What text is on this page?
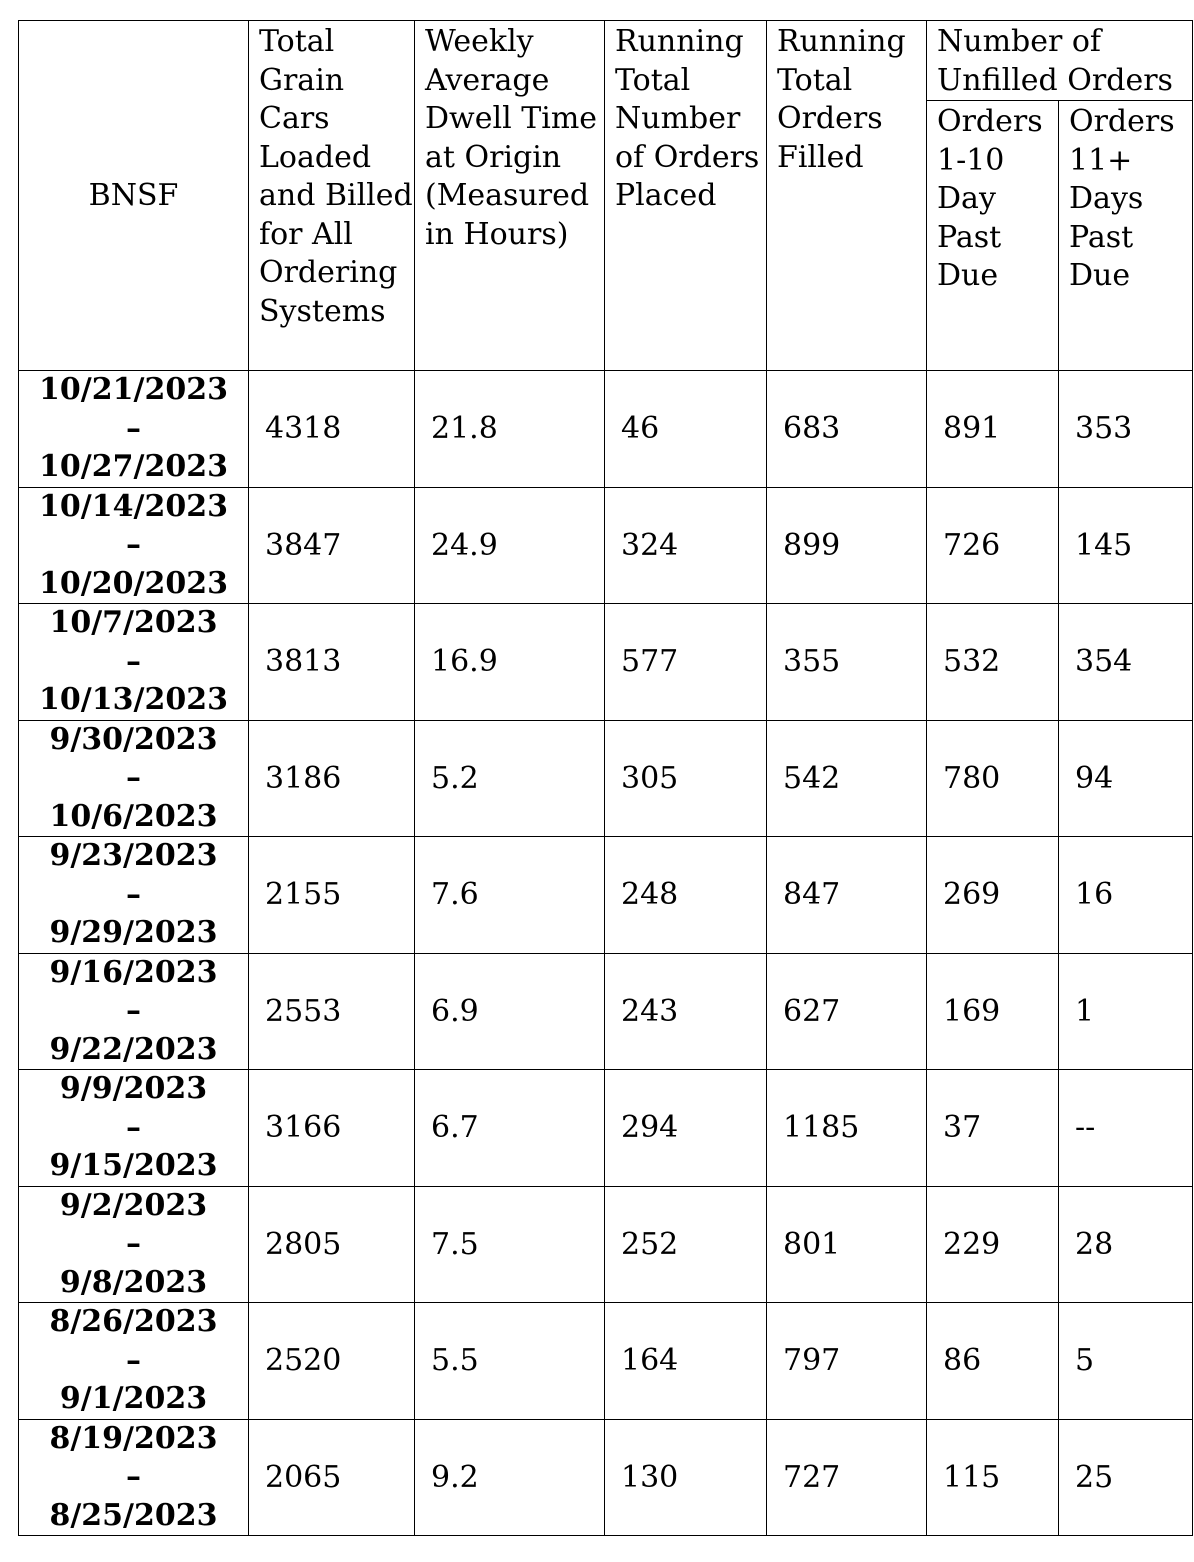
BNSF	Total Grain Cars Loaded and Billed for All Ordering Systems	Weekly Average Dwell Time at Origin (Measured in Hours)	Running Total Number of Orders Placed	Running Total Orders Filled	Number of Unfilled Orders	
					Orders 1-10 Day Past Due	Orders 11+ Days Past Due

10/21/2023
–
10/27/2023	4318	21.8	46	683	891	353

10/14/2023
–
10/20/2023	3847	24.9	324	899	726	145

10/7/2023
–
10/13/2023	3813	16.9	577	355	532	354

9/30/2023
–
10/6/2023	3186	5.2	305	542	780	94

9/23/2023
–
9/29/2023	2155	7.6	248	847	269	16

9/16/2023
–
9/22/2023	2553	6.9	243	627	169	1

9/9/2023
–
9/15/2023	3166	6.7	294	1185	37	--

9/2/2023
–
9/8/2023	2805	7.5	252	801	229	28

8/26/2023
–
9/1/2023	2520	5.5	164	797	86	5

8/19/2023
–
8/25/2023	2065	9.2	130	727	115	25
